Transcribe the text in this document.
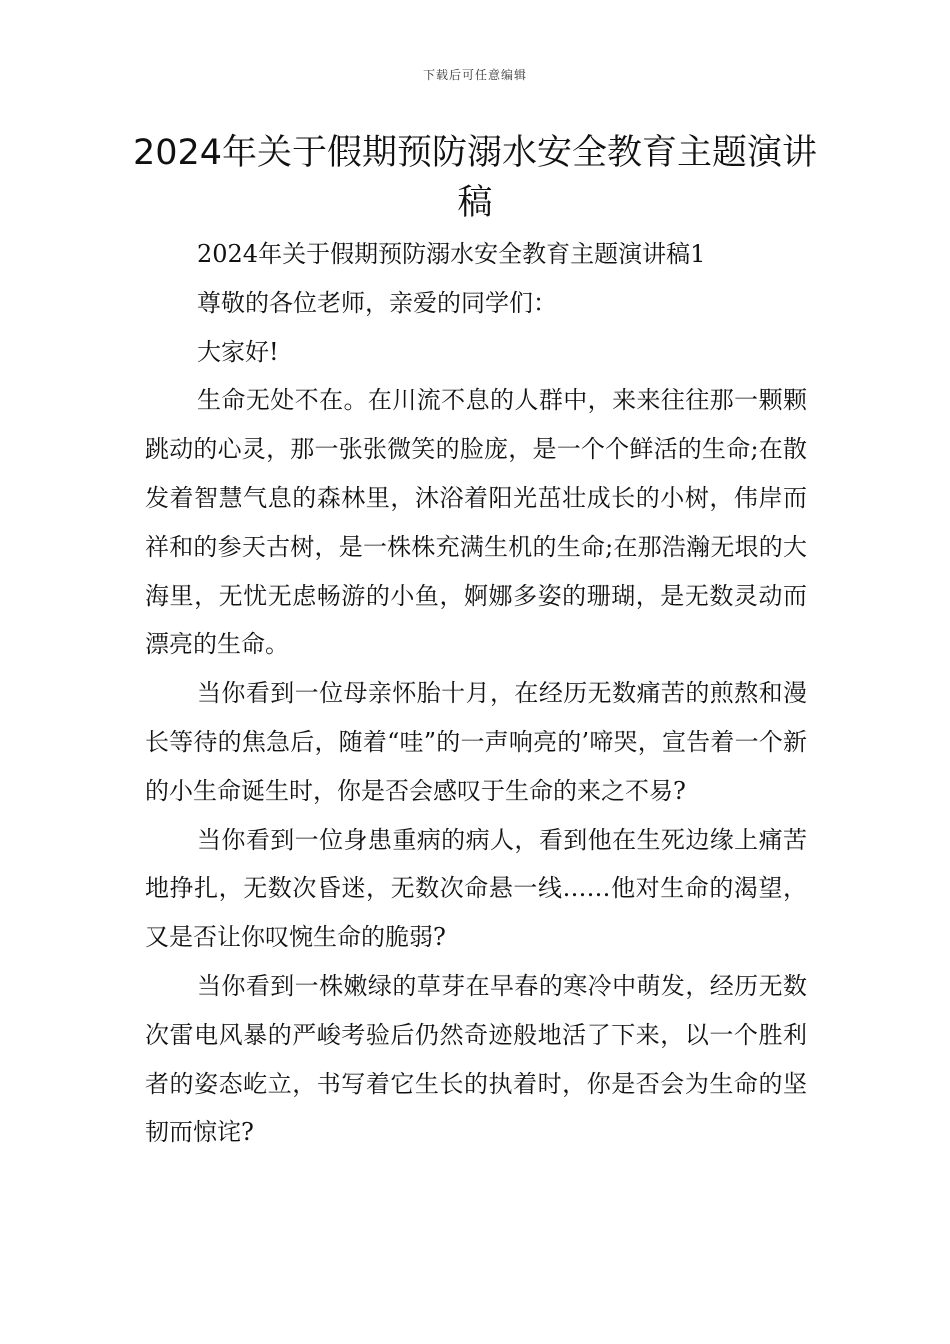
下载后可任意编辑
2024年关于假期预防溺水安全教育主题演讲稿

2024年关于假期预防溺水安全教育主题演讲稿1

尊敬的各位老师，亲爱的同学们：

大家好!

生命无处不在。在川流不息的人群中，来来往往那一颗颗跳动的心灵，那一张张微笑的脸庞，是一个个鲜活的生命;在散发着智慧气息的森林里，沐浴着阳光茁壮成长的小树，伟岸而祥和的参天古树，是一株株充满生机的生命;在那浩瀚无垠的大海里，无忧无虑畅游的小鱼，婀娜多姿的珊瑚，是无数灵动而漂亮的生命。

当你看到一位母亲怀胎十月，在经历无数痛苦的煎熬和漫长等待的焦急后，随着“哇”的一声响亮的’啼哭，宣告着一个新的小生命诞生时，你是否会感叹于生命的来之不易?

当你看到一位身患重病的病人，看到他在生死边缘上痛苦地挣扎，无数次昏迷，无数次命悬一线……他对生命的渴望，又是否让你叹惋生命的脆弱?

当你看到一株嫩绿的草芽在早春的寒冷中萌发，经历无数次雷电风暴的严峻考验后仍然奇迹般地活了下来，以一个胜利者的姿态屹立，书写着它生长的执着时，你是否会为生命的坚韧而惊诧?
